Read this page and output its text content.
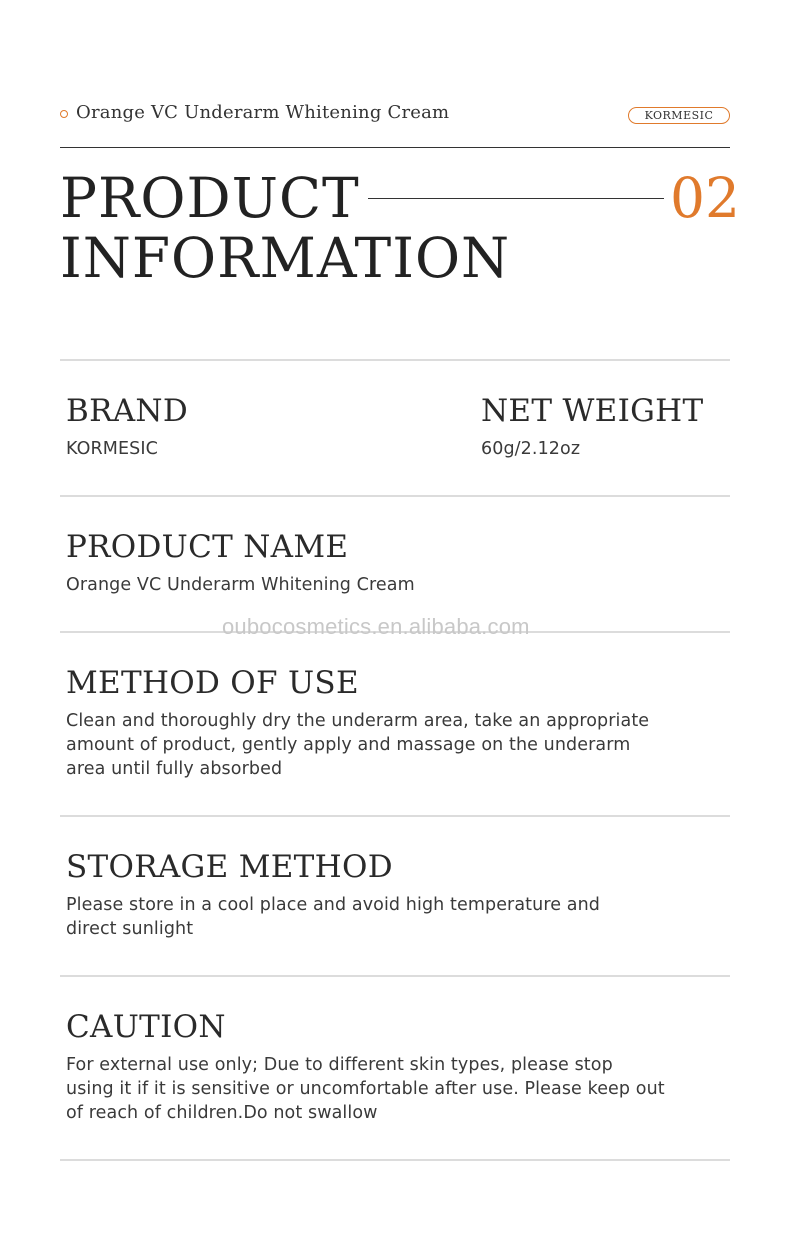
Orange VC Underarm Whitening Cream	KORMESIC
PRODUCT
INFORMATION
02
BRAND
KORMESIC
NET WEIGHT
60g/2.12oz
PRODUCT NAME
Orange VC Underarm Whitening Cream
oubocosmetics.en.alibaba.com
METHOD OF USE
Clean and thoroughly dry the underarm area, take an appropriate
amount of product, gently apply and massage on the underarm
area until fully absorbed
STORAGE METHOD
Please store in a cool place and avoid high temperature and
direct sunlight
CAUTION
For external use only; Due to different skin types, please stop
using it if it is sensitive or uncomfortable after use. Please keep out
of reach of children.Do not swallow
